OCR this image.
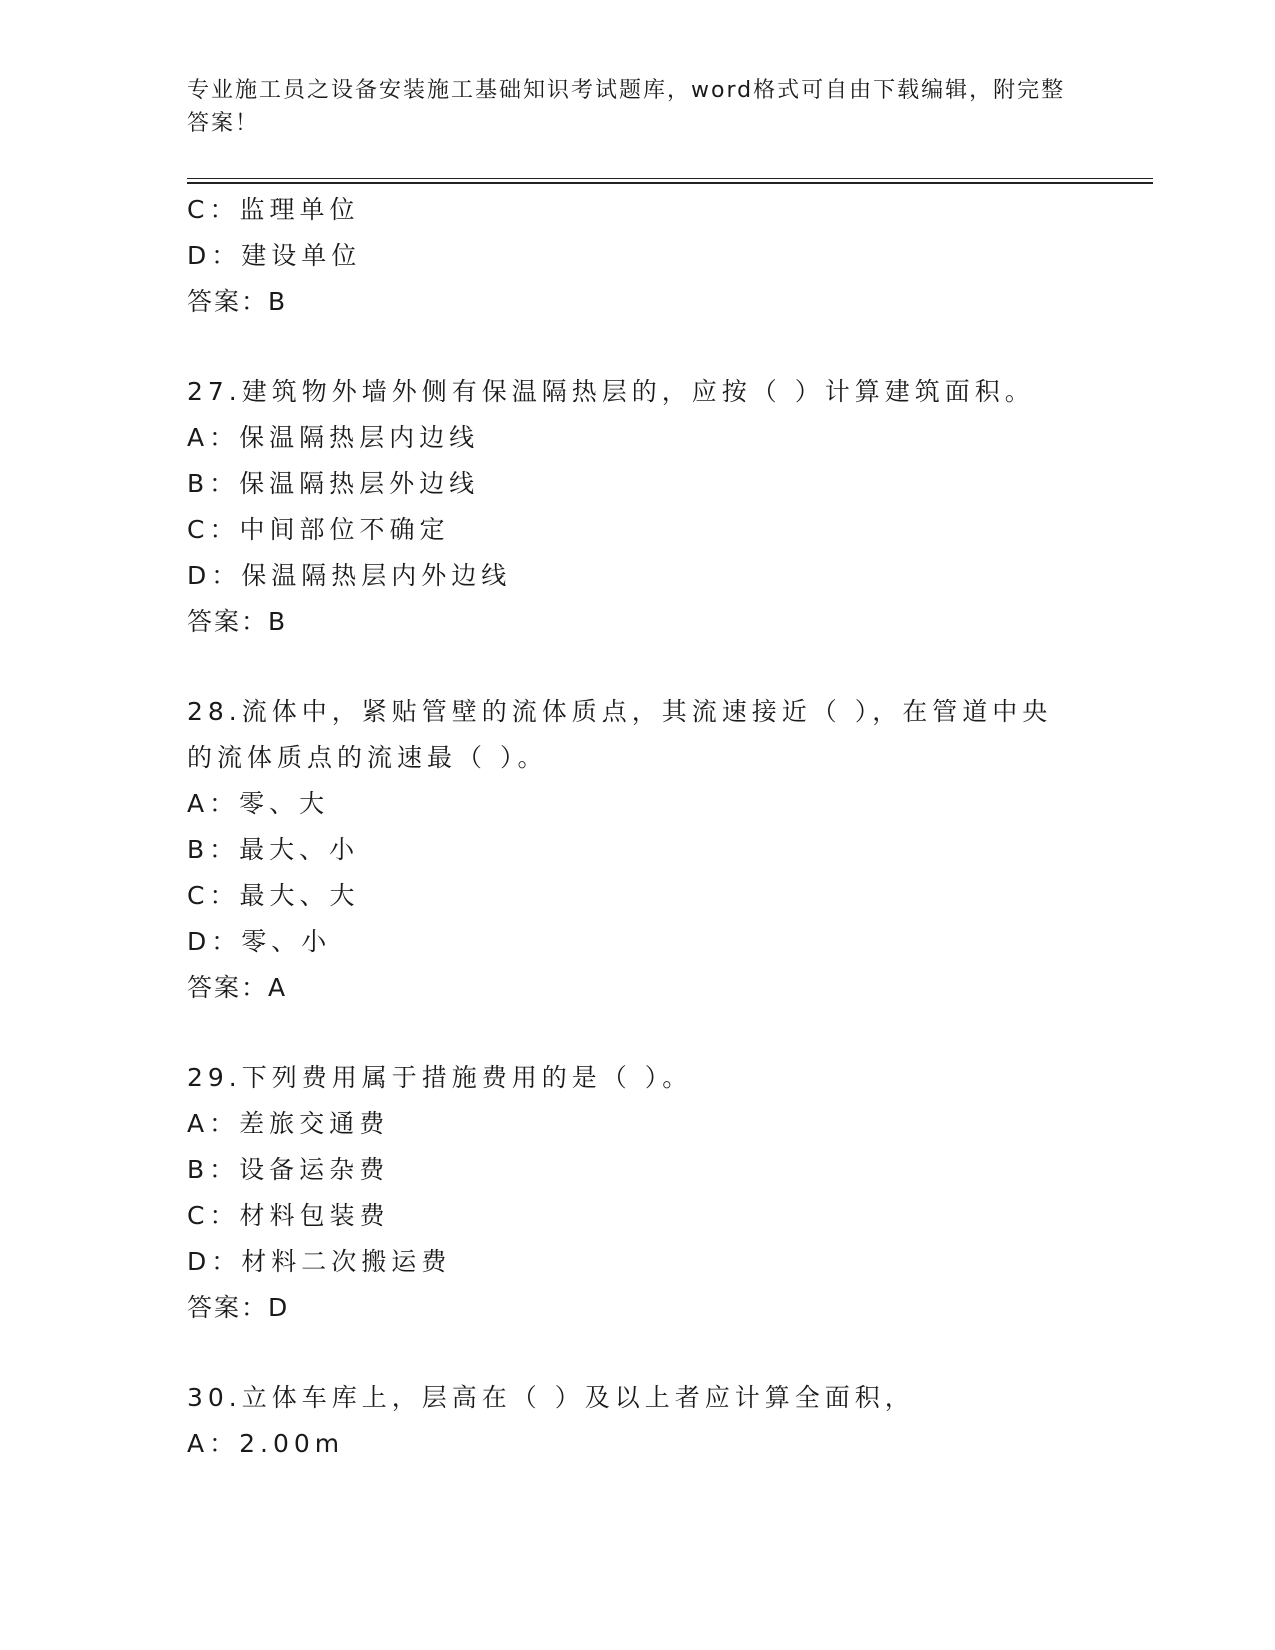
专业施工员之设备安装施工基础知识考试题库，word格式可自由下载编辑，附完整答案！
C：监理单位
D：建设单位
答案：B
27.建筑物外墙外侧有保温隔热层的，应按（ ）计算建筑面积。
A：保温隔热层内边线
B：保温隔热层外边线
C：中间部位不确定
D：保温隔热层内外边线
答案：B
28.流体中，紧贴管壁的流体质点，其流速接近（ ），在管道中央的流体质点的流速最（ ）。
A：零、大
B：最大、小
C：最大、大
D：零、小
答案：A
29.下列费用属于措施费用的是（ ）。
A：差旅交通费
B：设备运杂费
C：材料包装费
D：材料二次搬运费
答案：D
30.立体车库上，层高在（ ）及以上者应计算全面积，
A：2.00m
